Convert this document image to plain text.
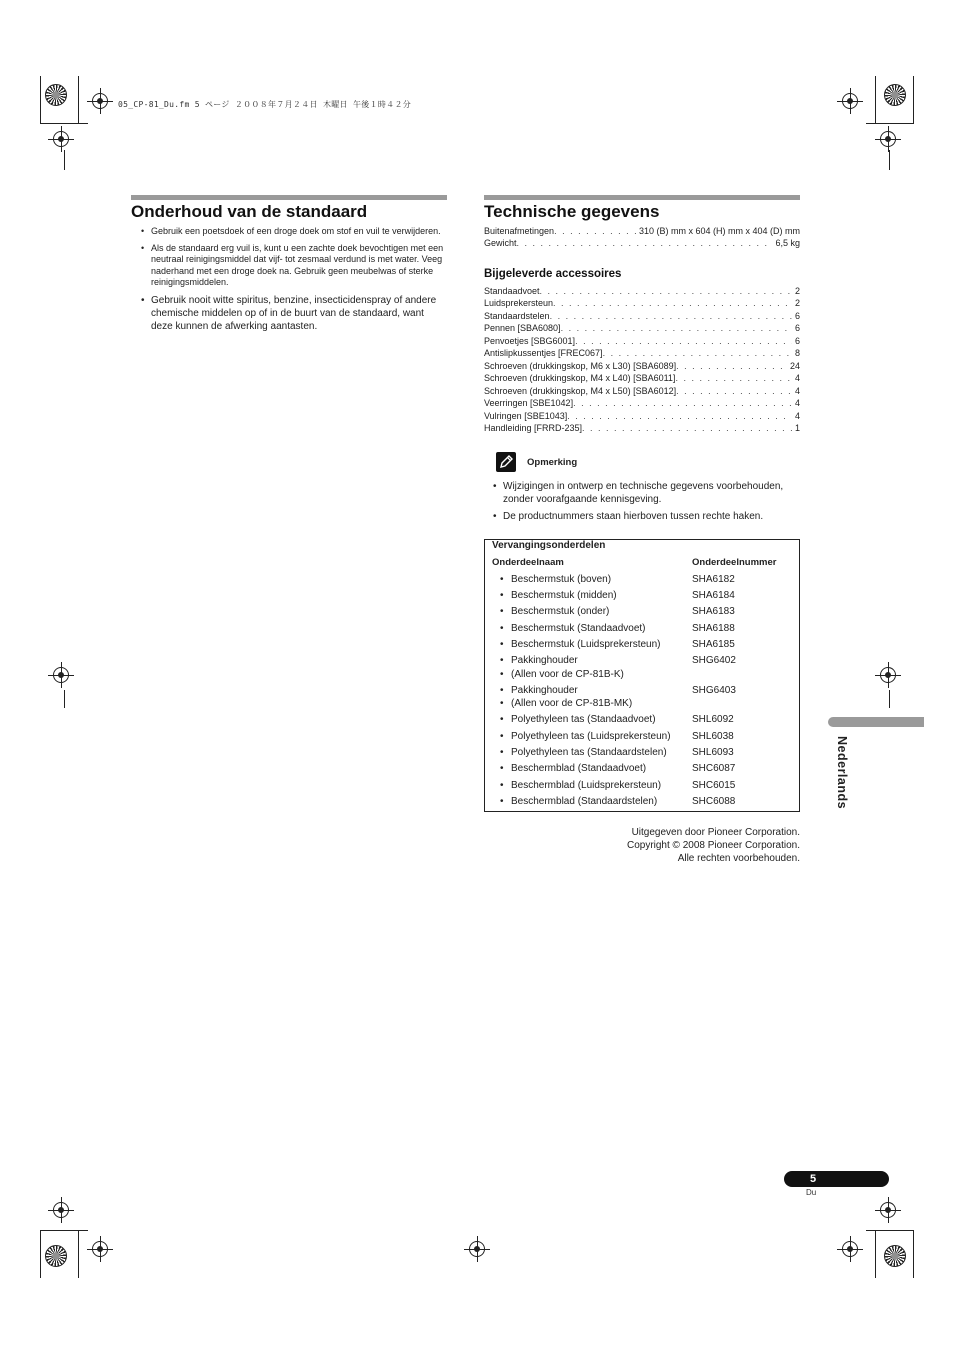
05_CP-81_Du.fm 5 ページ ２００８年７月２４日 木曜日 午後１時４２分
Onderhoud van de standaard
• Gebruik een poetsdoek of een droge doek om stof en vuil te verwijderen.
• Als de standaard erg vuil is, kunt u een zachte doek bevochtigen met een neutraal reinigingsmiddel dat vijf- tot zesmaal verdund is met water. Veeg naderhand met een droge doek na. Gebruik geen meubelwas of sterke reinigingsmiddelen.
• Gebruik nooit witte spiritus, benzine, insecticidenspray of andere chemische middelen op of in de buurt van de standaard, want deze kunnen de afwerking aantasten.
Technische gegevens
Buitenafmetingen . . .	310 (B) mm x 604 (H) mm x 404 (D) mm
Gewicht . . .	6,5 kg
Bijgeleverde accessoires
Standaadvoet . . .	2
Luidsprekersteun . . .	2
Standaardstelen . . .	6
Pennen [SBA6080] . . .	6
Penvoetjes [SBG6001] . . .	6
Antislipkussentjes [FREC067] . . .	8
Schroeven (drukkingskop, M6 x L30) [SBA6089] . . .	24
Schroeven (drukkingskop, M4 x L40) [SBA6011] . . .	4
Schroeven (drukkingskop, M4 x L50) [SBA6012] . . .	4
Veerringen [SBE1042] . . .	4
Vulringen [SBE1043] . . .	4
Handleiding [FRRD-235] . . .	1
Opmerking
• Wijzigingen in ontwerp en technische gegevens voorbehouden, zonder voorafgaande kennisgeving.
• De productnummers staan hierboven tussen rechte haken.
Vervangingsonderdelen
Onderdeelnaam	Onderdeelnummer
• Beschermstuk (boven)	SHA6182
• Beschermstuk (midden)	SHA6184
• Beschermstuk (onder)	SHA6183
• Beschermstuk (Standaadvoet)	SHA6188
• Beschermstuk (Luidsprekersteun)	SHA6185
• Pakkinghouder	SHG6402
• (Allen voor de CP-81B-K)
• Pakkinghouder	SHG6403
• (Allen voor de CP-81B-MK)
• Polyethyleen tas (Standaadvoet)	SHL6092
• Polyethyleen tas (Luidsprekersteun)	SHL6038
• Polyethyleen tas (Standaardstelen)	SHL6093
• Beschermblad (Standaadvoet)	SHC6087
• Beschermblad (Luidsprekersteun)	SHC6015
• Beschermblad (Standaardstelen)	SHC6088
Uitgegeven door Pioneer Corporation.
Copyright © 2008 Pioneer Corporation.
Alle rechten voorbehouden.
Nederlands
5
Du
